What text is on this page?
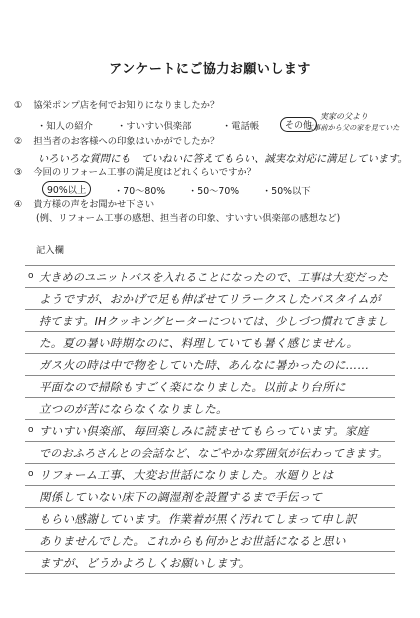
アンケートにご協力お願いします
① 協栄ポンプ店を何でお知りになりましたか？
・知人の紹介	・すいすい倶楽部	・電話帳	その他
実家の父より
工事前から父の家を見ていた
② 担当者のお客様への印象はいかがでしたか？
いろいろな質問にも　ていねいに答えてもらい、誠実な対応に満足しています。
③ 今回のリフォーム工事の満足度はどれくらいですか？
90%以上	・70〜80% ・50〜70% ・50%以下
④ 貴方様の声をお聞かせ下さい
(例、リフォーム工事の感想、担当者の印象、すいすい倶楽部の感想など)
記入欄
o
o
o
大きめのユニットバスを入れることになったので、工事は大変だった
ようですが、おかげで足も伸ばせてリラークスしたバスタイムが
持てます。IHクッキングヒーターについては、少しづつ慣れてきまし
た。夏の暑い時期なのに、料理していても暑く感じません。
ガス火の時は中で物をしていた時、あんなに暑かったのに……
平面なので掃除もすごく楽になりました。以前より台所に
立つのが苦にならなくなりました。
すいすい倶楽部、毎回楽しみに読ませてもらっています。家庭
でのおふろさんとの会話など、なごやかな雰囲気が伝わってきます。
リフォーム工事、大変お世話になりました。水廻りとは
関係していない床下の調湿剤を設置するまで手伝って
もらい感謝しています。作業着が黒く汚れてしまって申し訳
ありませんでした。これからも何かとお世話になると思い
ますが、どうかよろしくお願いします。
